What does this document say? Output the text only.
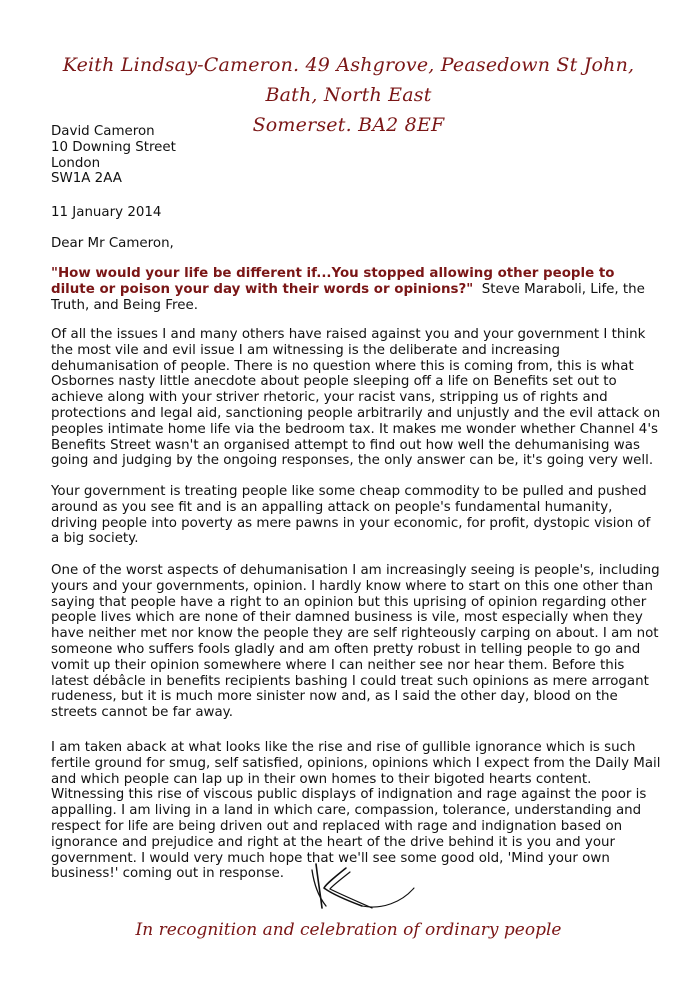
Keith Lindsay-Cameron. 49 Ashgrove, Peasedown St John, Bath, North East
Somerset. BA2 8EF
David Cameron
10 Downing Street
London
SW1A 2AA
11 January 2014
Dear Mr Cameron,
"How would your life be different if...You stopped allowing other people to dilute or poison your day with their words or opinions?" Steve Maraboli, Life, the Truth, and Being Free.
Of all the issues I and many others have raised against you and your government I think the most vile and evil issue I am witnessing is the deliberate and increasing dehumanisation of people. There is no question where this is coming from, this is what Osbornes nasty little anecdote about people sleeping off a life on Benefits set out to achieve along with your striver rhetoric, your racist vans, stripping us of rights and protections and legal aid, sanctioning people arbitrarily and unjustly and the evil attack on peoples intimate home life via the bedroom tax. It makes me wonder whether Channel 4's Benefits Street wasn't an organised attempt to find out how well the dehumanising was going and judging by the ongoing responses, the only answer can be, it's going very well.
Your government is treating people like some cheap commodity to be pulled and pushed around as you see fit and is an appalling attack on people's fundamental humanity, driving people into poverty as mere pawns in your economic, for profit, dystopic vision of a big society.
One of the worst aspects of dehumanisation I am increasingly seeing is people's, including yours and your governments, opinion. I hardly know where to start on this one other than saying that people have a right to an opinion but this uprising of opinion regarding other people lives which are none of their damned business is vile, most especially when they have neither met nor know the people they are self righteously carping on about. I am not someone who suffers fools gladly and am often pretty robust in telling people to go and vomit up their opinion somewhere where I can neither see nor hear them. Before this latest débâcle in benefits recipients bashing I could treat such opinions as mere arrogant rudeness, but it is much more sinister now and, as I said the other day, blood on the streets cannot be far away.
I am taken aback at what looks like the rise and rise of gullible ignorance which is such fertile ground for smug, self satisfied, opinions, opinions which I expect from the Daily Mail and which people can lap up in their own homes to their bigoted hearts content. Witnessing this rise of viscous public displays of indignation and rage against the poor is appalling. I am living in a land in which care, compassion, tolerance, understanding and respect for life are being driven out and replaced with rage and indignation based on ignorance and prejudice and right at the heart of the drive behind it is you and your government. I would very much hope that we'll see some good old, 'Mind your own business!' coming out in response.
In recognition and celebration of ordinary people
